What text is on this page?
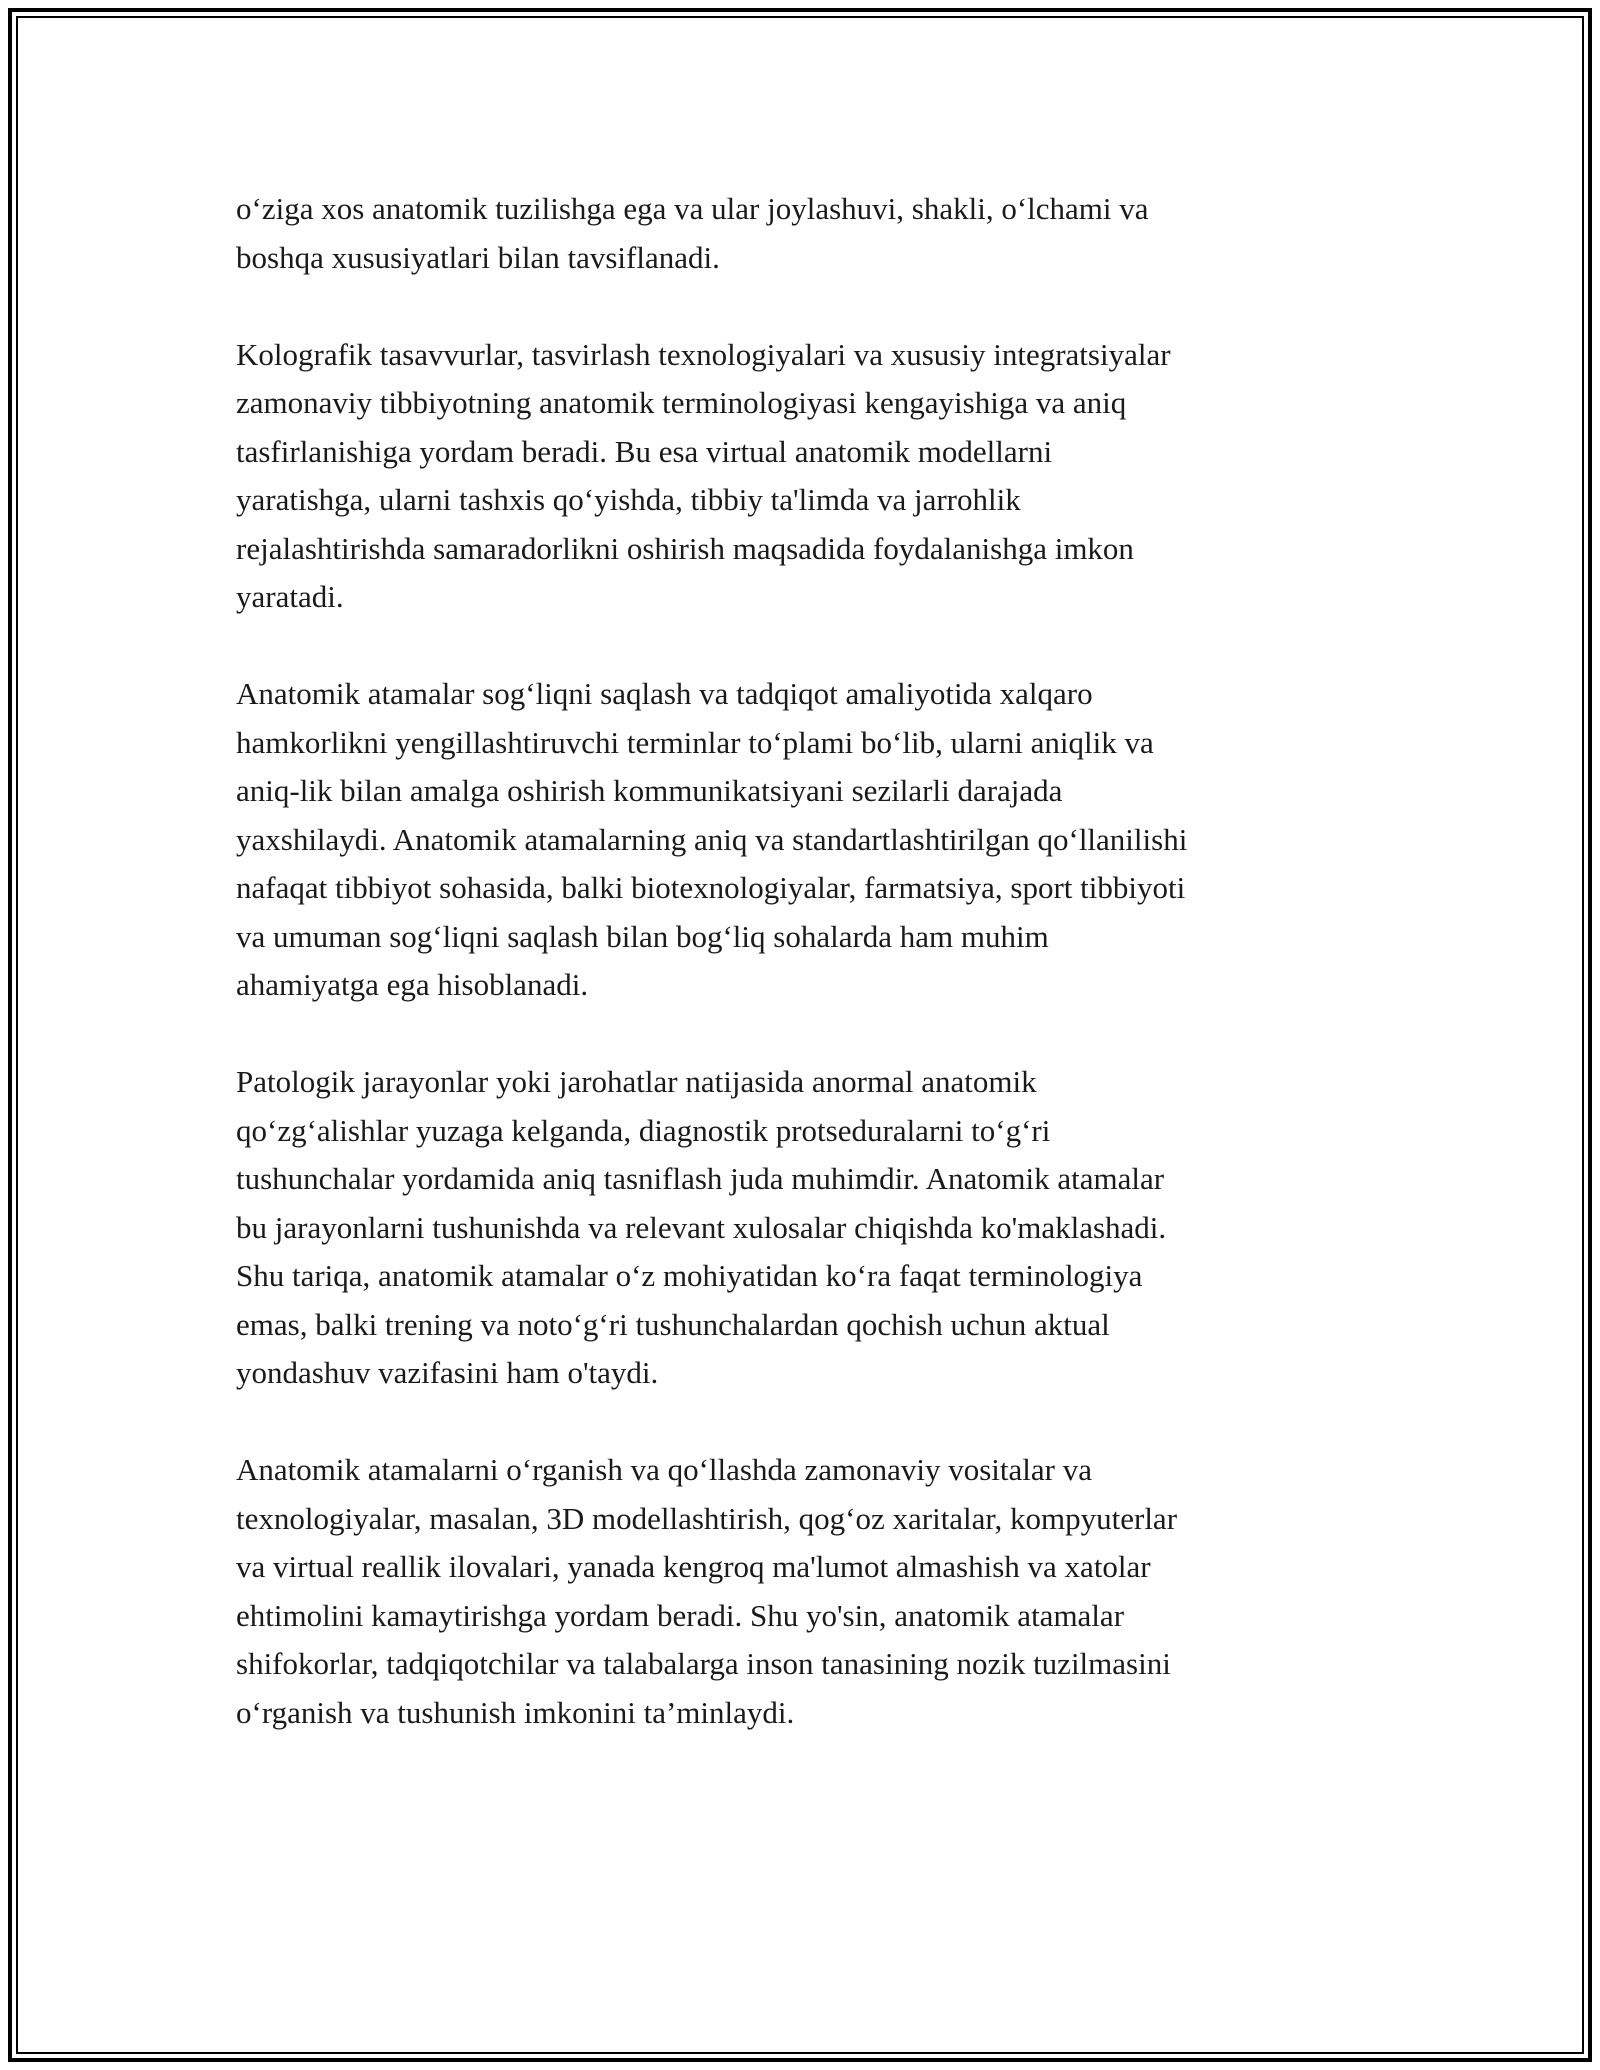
o‘ziga xos anatomik tuzilishga ega va ular joylashuvi, shakli, o‘lchami va
boshqa xususiyatlari bilan tavsiflanadi.

Kolografik tasavvurlar, tasvirlash texnologiyalari va xususiy integratsiyalar
zamonaviy tibbiyotning anatomik terminologiyasi kengayishiga va aniq
tasfirlanishiga yordam beradi. Bu esa virtual anatomik modellarni
yaratishga, ularni tashxis qo‘yishda, tibbiy ta'limda va jarrohlik
rejalashtirishda samaradorlikni oshirish maqsadida foydalanishga imkon
yaratadi.

Anatomik atamalar sog‘liqni saqlash va tadqiqot amaliyotida xalqaro
hamkorlikni yengillashtiruvchi terminlar to‘plami bo‘lib, ularni aniqlik va
aniq-lik bilan amalga oshirish kommunikatsiyani sezilarli darajada
yaxshilaydi. Anatomik atamalarning aniq va standartlashtirilgan qo‘llanilishi
nafaqat tibbiyot sohasida, balki biotexnologiyalar, farmatsiya, sport tibbiyoti
va umuman sog‘liqni saqlash bilan bog‘liq sohalarda ham muhim
ahamiyatga ega hisoblanadi.

Patologik jarayonlar yoki jarohatlar natijasida anormal anatomik
qo‘zg‘alishlar yuzaga kelganda, diagnostik protseduralarni to‘g‘ri
tushunchalar yordamida aniq tasniflash juda muhimdir. Anatomik atamalar
bu jarayonlarni tushunishda va relevant xulosalar chiqishda ko'maklashadi.
Shu tariqa, anatomik atamalar o‘z mohiyatidan ko‘ra faqat terminologiya
emas, balki trening va noto‘g‘ri tushunchalardan qochish uchun aktual
yondashuv vazifasini ham o'taydi.

Anatomik atamalarni o‘rganish va qo‘llashda zamonaviy vositalar va
texnologiyalar, masalan, 3D modellashtirish, qog‘oz xaritalar, kompyuterlar
va virtual reallik ilovalari, yanada kengroq ma'lumot almashish va xatolar
ehtimolini kamaytirishga yordam beradi. Shu yo'sin, anatomik atamalar
shifokorlar, tadqiqotchilar va talabalarga inson tanasining nozik tuzilmasini
o‘rganish va tushunish imkonini ta’minlaydi.
